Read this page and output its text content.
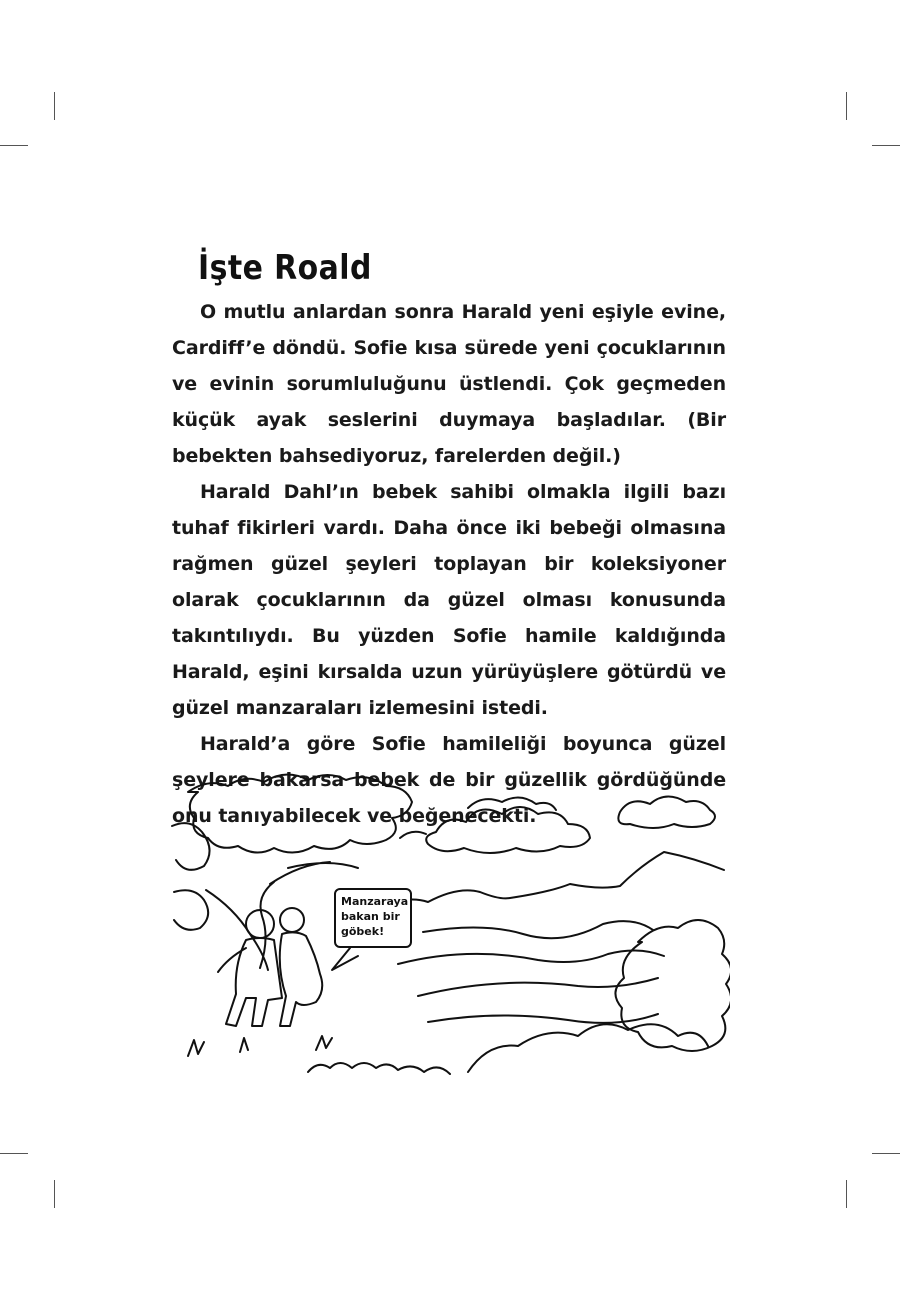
İşte Roald

O mutlu anlardan sonra Harald yeni eşiyle evine, Cardiff’e döndü. Sofie kısa sürede yeni çocuklarının ve evinin sorumluluğunu üstlendi. Çok geçmeden küçük ayak seslerini duymaya başladılar. (Bir bebekten bahsediyoruz, farelerden değil.)

Harald Dahl’ın bebek sahibi olmakla ilgili bazı tuhaf fikirleri vardı. Daha önce iki bebeği olmasına rağmen güzel şeyleri toplayan bir koleksiyoner olarak çocuklarının da güzel olması konusunda takıntılıydı. Bu yüzden Sofie hamile kaldığında Harald, eşini kırsalda uzun yürüyüşlere götürdü ve güzel manzaraları izlemesini istedi.

Harald’a göre Sofie hamileliği boyunca güzel şeylere bakarsa bebek de bir güzellik gördüğünde onu tanıyabilecek ve beğenecekti.

Manzaraya
bakan bir
göbek!
